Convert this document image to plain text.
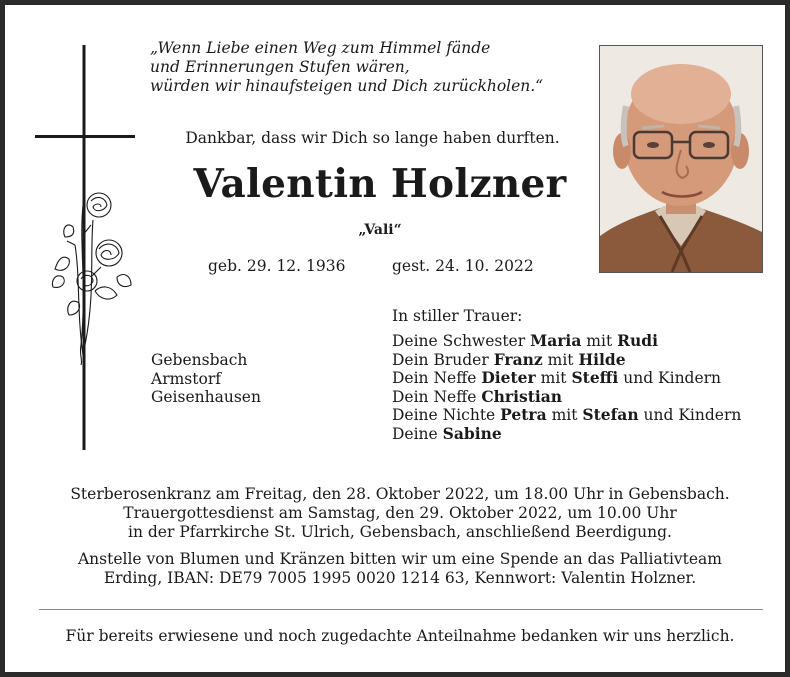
„Wenn Liebe einen Weg zum Himmel fände
und Erinnerungen Stufen wären,
würden wir hinaufsteigen und Dich zurückholen.“
Dankbar, dass wir Dich so lange haben durften.
Valentin Holzner
„Vali“
geb. 29. 12. 1936	gest. 24. 10. 2022
In stiller Trauer:
Gebensbach
Armstorf
Geisenhausen
Deine Schwester Maria mit Rudi
Dein Bruder Franz mit Hilde
Dein Neffe Dieter mit Steffi und Kindern
Dein Neffe Christian
Deine Nichte Petra mit Stefan und Kindern
Deine Sabine
Sterberosenkranz am Freitag, den 28. Oktober 2022, um 18.00 Uhr in Gebensbach.
Trauergottesdienst am Samstag, den 29. Oktober 2022, um 10.00 Uhr
in der Pfarrkirche St. Ulrich, Gebensbach, anschließend Beerdigung.
Anstelle von Blumen und Kränzen bitten wir um eine Spende an das Palliativteam
Erding, IBAN: DE79 7005 1995 0020 1214 63, Kennwort: Valentin Holzner.
Für bereits erwiesene und noch zugedachte Anteilnahme bedanken wir uns herzlich.
